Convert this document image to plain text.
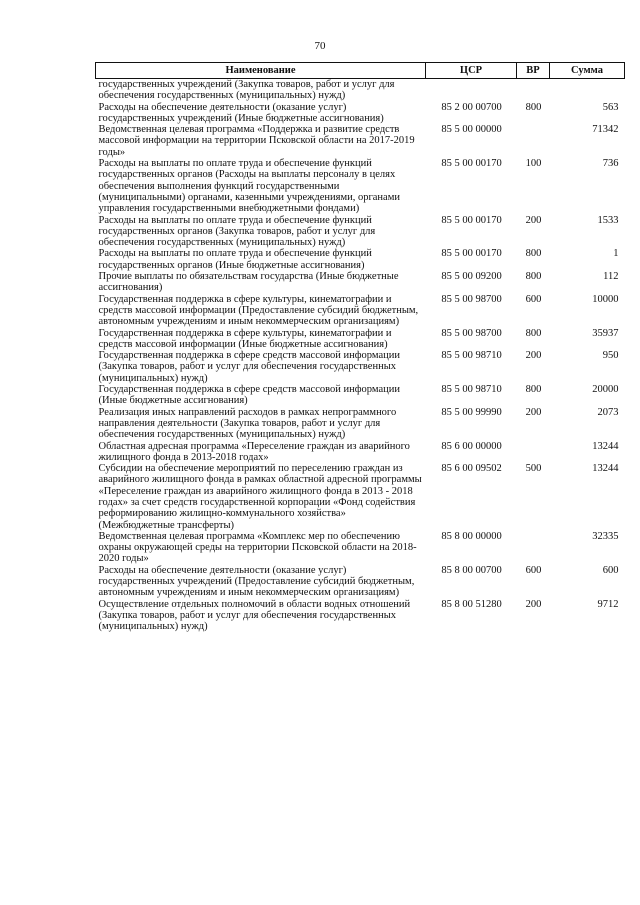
70
Наименование	ЦСР	ВР	Сумма
государственных учреждений (Закупка товаров, работ и услуг для обеспечения государственных (муниципальных) нужд)			
Расходы на обеспечение деятельности (оказание услуг) государственных учреждений (Иные бюджетные ассигнования)	85 2 00 00700	800	563
Ведомственная целевая программа «Поддержка и развитие средств массовой информации на территории Псковской области на 2017-2019 годы»	85 5 00 00000		71342
Расходы на выплаты по оплате труда и обеспечение функций государственных органов (Расходы на выплаты персоналу в целях обеспечения выполнения функций государственными (муниципальными) органами, казенными учреждениями, органами управления государственными внебюджетными фондами)	85 5 00 00170	100	736
Расходы на выплаты по оплате труда и обеспечение функций государственных органов (Закупка товаров, работ и услуг для обеспечения государственных (муниципальных) нужд)	85 5 00 00170	200	1533
Расходы на выплаты по оплате труда и обеспечение функций государственных органов (Иные бюджетные ассигнования)	85 5 00 00170	800	1
Прочие выплаты по обязательствам государства (Иные бюджетные ассигнования)	85 5 00 09200	800	112
Государственная поддержка в сфере культуры, кинематографии и средств массовой информации (Предоставление субсидий бюджетным, автономным учреждениям и иным некоммерческим организациям)	85 5 00 98700	600	10000
Государственная поддержка в сфере культуры, кинематографии и средств массовой информации (Иные бюджетные ассигнования)	85 5 00 98700	800	35937
Государственная поддержка в сфере средств массовой информации (Закупка товаров, работ и услуг для обеспечения государственных (муниципальных) нужд)	85 5 00 98710	200	950
Государственная поддержка в сфере средств массовой информации (Иные бюджетные ассигнования)	85 5 00 98710	800	20000
Реализация иных направлений расходов в рамках непрограммного направления деятельности (Закупка товаров, работ и услуг для обеспечения государственных (муниципальных) нужд)	85 5 00 99990	200	2073
Областная адресная программа «Переселение граждан из аварийного жилищного фонда в 2013-2018 годах»	85 6 00 00000		13244
Субсидии на обеспечение мероприятий по переселению граждан из аварийного жилищного фонда в рамках областной адресной программы «Переселение граждан из аварийного жилищного фонда в 2013 - 2018 годах» за счет средств государственной корпорации «Фонд содействия реформированию жилищно-коммунального хозяйства» (Межбюджетные трансферты)	85 6 00 09502	500	13244
Ведомственная целевая программа «Комплекс мер по обеспечению охраны окружающей среды на территории Псковской области на 2018-2020 годы»	85 8 00 00000		32335
Расходы на обеспечение деятельности (оказание услуг) государственных учреждений (Предоставление субсидий бюджетным, автономным учреждениям и иным некоммерческим организациям)	85 8 00 00700	600	600
Осуществление отдельных полномочий в области водных отношений (Закупка товаров, работ и услуг для обеспечения государственных (муниципальных) нужд)	85 8 00 51280	200	9712
